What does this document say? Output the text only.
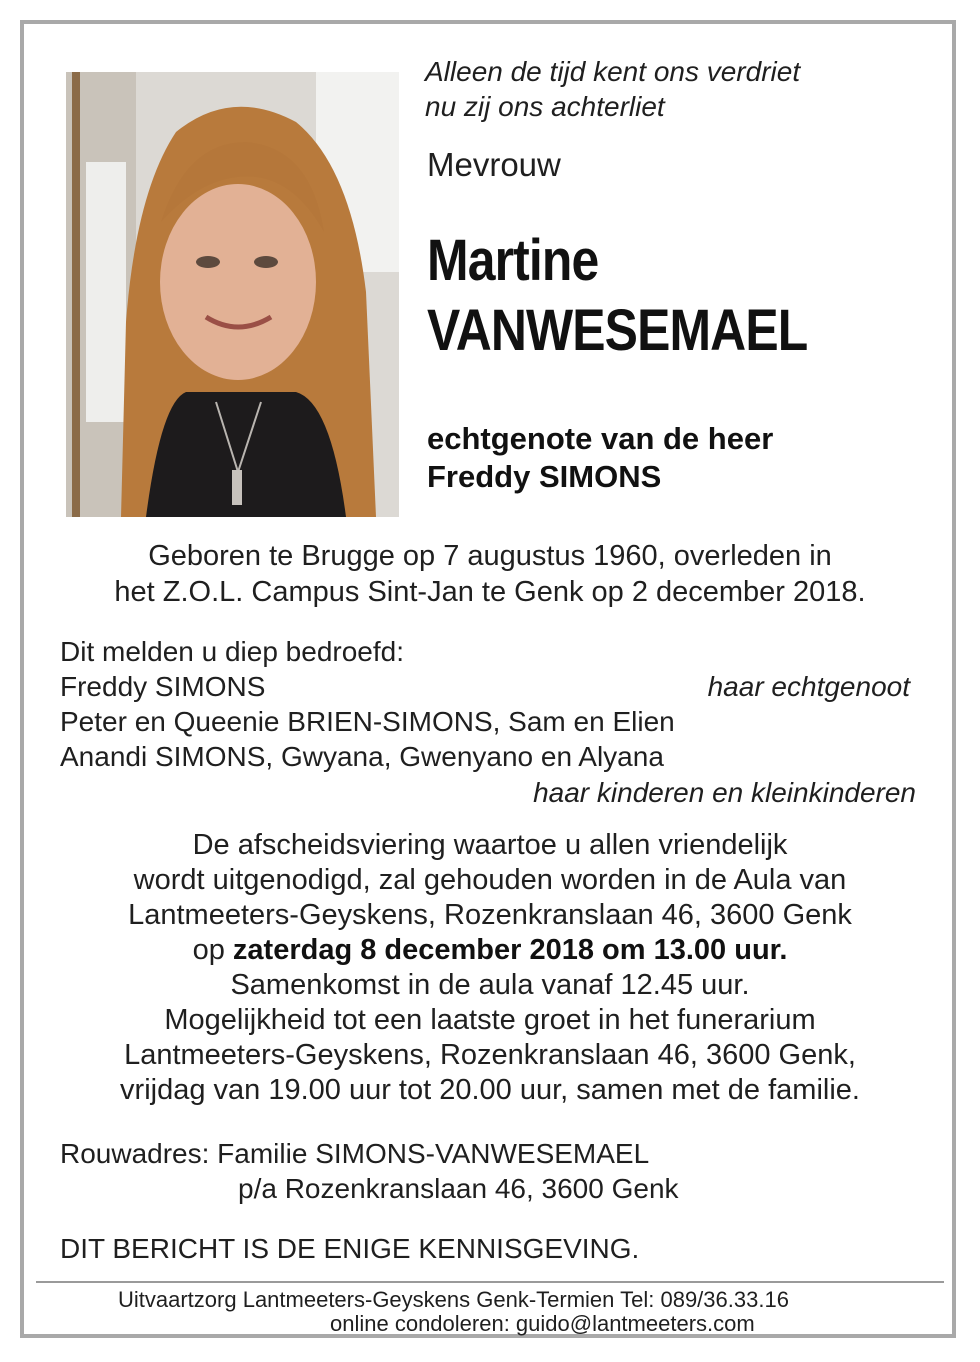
Alleen de tijd kent ons verdriet
nu zij ons achterliet
Mevrouw
Martine
VANWESEMAEL
echtgenote van de heer
Freddy SIMONS
Geboren te Brugge op 7 augustus 1960, overleden in
het Z.O.L. Campus Sint-Jan te Genk op 2 december 2018.
Dit melden u diep bedroefd:
Freddy SIMONS	haar echtgenoot
Peter en Queenie BRIEN-SIMONS, Sam en Elien
Anandi SIMONS, Gwyana, Gwenyano en Alyana
haar kinderen en kleinkinderen
De afscheidsviering waartoe u allen vriendelijk
wordt uitgenodigd, zal gehouden worden in de Aula van
Lantmeeters-Geyskens, Rozenkranslaan 46, 3600 Genk
op zaterdag 8 december 2018 om 13.00 uur.
Samenkomst in de aula vanaf 12.45 uur.
Mogelijkheid tot een laatste groet in het funerarium
Lantmeeters-Geyskens, Rozenkranslaan 46, 3600 Genk,
vrijdag van 19.00 uur tot 20.00 uur, samen met de familie.
Rouwadres: Familie SIMONS-VANWESEMAEL
p/a Rozenkranslaan 46, 3600 Genk
DIT BERICHT IS DE ENIGE KENNISGEVING.
Uitvaartzorg Lantmeeters-Geyskens Genk-Termien Tel: 089/36.33.16
online condoleren: guido@lantmeeters.com
